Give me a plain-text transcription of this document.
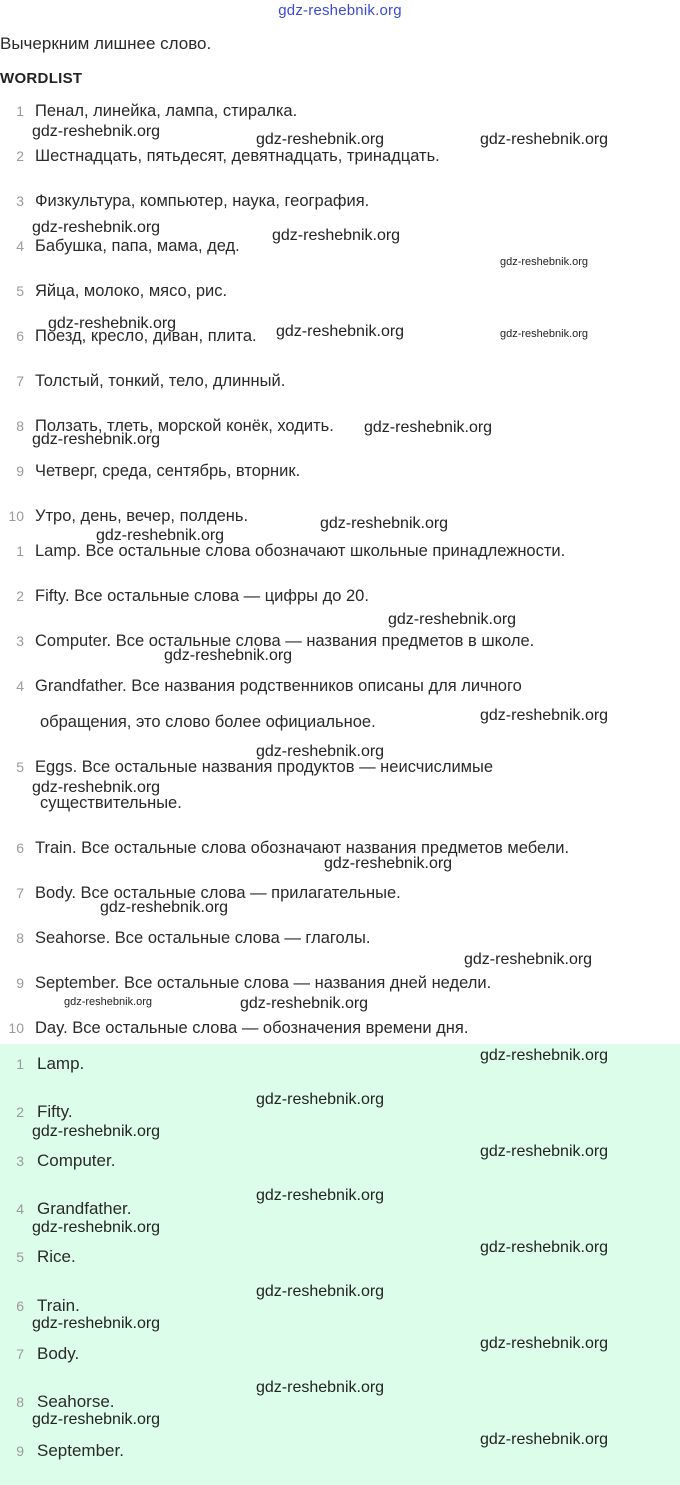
gdz-reshebnik.org
Вычеркним лишнее слово.
WORDLIST
1 Пенал, линейка, лампа, стиралка.
2 Шестнадцать, пятьдесят, девятнадцать, тринадцать.
3 Физкультура, компьютер, наука, география.
4 Бабушка, папа, мама, дед.
5 Яйца, молоко, мясо, рис.
6 Поезд, кресло, диван, плита.
7 Толстый, тонкий, тело, длинный.
8 Ползать, тлеть, морской конёк, ходить.
9 Четверг, среда, сентябрь, вторник.
10 Утро, день, вечер, полдень.
1 Lamp. Все остальные слова обозначают школьные принадлежности.
2 Fifty. Все остальные слова — цифры до 20.
3 Computer. Все остальные слова — названия предметов в школе.
4 Grandfather. Все названия родственников описаны для личного
обращения, это слово более официальное.
5 Eggs. Все остальные названия продуктов — неисчислимые
существительные.
6 Train. Все остальные слова обозначают названия предметов мебели.
7 Body. Все остальные слова — прилагательные.
8 Seahorse. Все остальные слова — глаголы.
9 September. Все остальные слова — названия дней недели.
10 Day. Все остальные слова — обозначения времени дня.
1 Lamp.
2 Fifty.
3 Computer.
4 Grandfather.
5 Rice.
6 Train.
7 Body.
8 Seahorse.
9 September.
gdz-reshebnik.org	gdz-reshebnik.org	gdz-reshebnik.org
gdz-reshebnik.org	gdz-reshebnik.org
gdz-reshebnik.org
gdz-reshebnik.org	gdz-reshebnik.org	gdz-reshebnik.org
gdz-reshebnik.org
gdz-reshebnik.org
gdz-reshebnik.org
gdz-reshebnik.org
gdz-reshebnik.org
gdz-reshebnik.org
gdz-reshebnik.org
gdz-reshebnik.org
gdz-reshebnik.org
gdz-reshebnik.org
gdz-reshebnik.org
gdz-reshebnik.org
gdz-reshebnik.org	gdz-reshebnik.org
gdz-reshebnik.org
gdz-reshebnik.org
gdz-reshebnik.org
gdz-reshebnik.org
gdz-reshebnik.org
gdz-reshebnik.org
gdz-reshebnik.org
gdz-reshebnik.org
gdz-reshebnik.org
gdz-reshebnik.org
gdz-reshebnik.org
gdz-reshebnik.org
gdz-reshebnik.org
